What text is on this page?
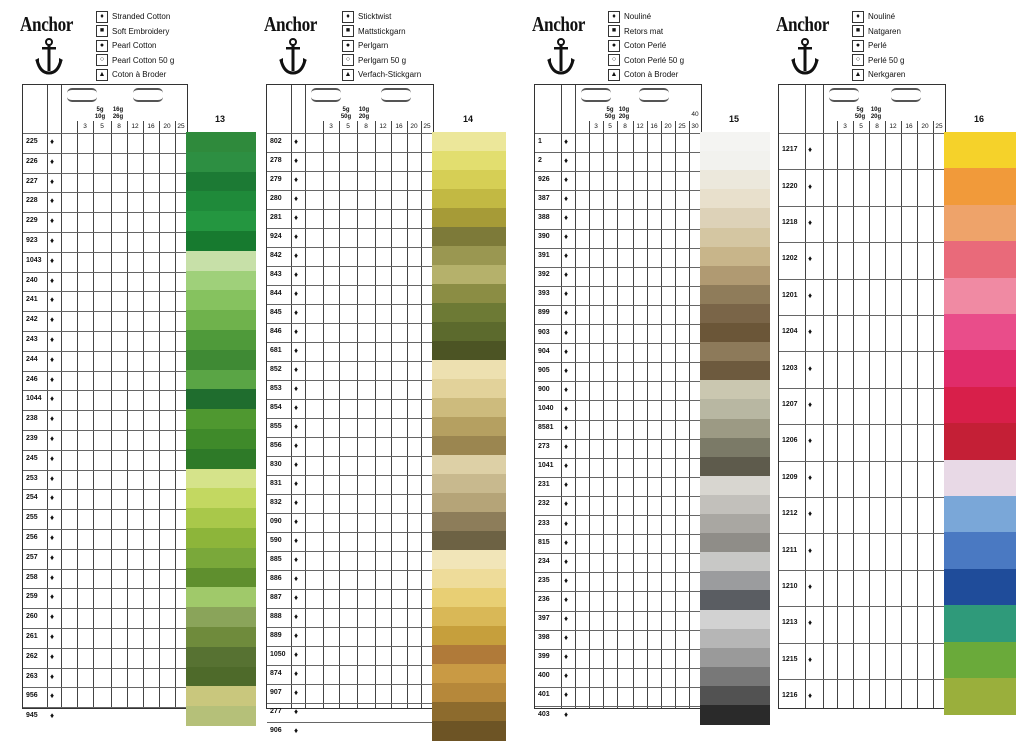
Anchor	♦ Stranded Cotton
■ Soft Embroidery
● Pearl Cotton
○ Pearl Cotton 50 g
▲ Coton à Broder
3	5	8	12	16	20	25
5g
10g
16g
26g
225 ♦
226 ♦
227 ♦
228 ♦
229 ♦
923 ♦
1043 ♦
240 ♦
241 ♦
242 ♦
243 ♦
244 ♦
246 ♦
1044 ♦
238 ♦
239 ♦
245 ♦
253 ♦
254 ♦
255 ♦
256 ♦
257 ♦
258 ♦
259 ♦
260 ♦
261 ♦
262 ♦
263 ♦
956 ♦
945 ♦
13
Anchor	♦ Sticktwist
■ Mattstickgarn
● Perlgarn
○ Perlgarn 50 g
▲ Verfach-Stickgarn
3	5	8	12	16	20 25
5g
50g
10g
20g
802 ♦
278 ♦
279 ♦
280 ♦
281 ♦
924 ♦
842 ♦
843 ♦
844 ♦
845 ♦
846 ♦
681 ♦
852 ♦
853 ♦
854 ♦
855 ♦
856 ♦
830 ♦
831 ♦
832 ♦
090 ♦
590 ♦
885 ♦
886 ♦
887 ♦
888 ♦
889 ♦
1050 ♦
874 ♦
907 ♦
277 ♦
906 ♦
14
Anchor	♦ Nouliné
■ Retors mat
● Coton Perlé
○ Coton Perlé 50 g
▲ Coton à Broder
3	5	8	12	16	20	25 30
5g
50g
10g
20g	40
1	♦
2	♦
926 ♦
387 ♦
388 ♦
390 ♦
391 ♦
392 ♦
393 ♦
899 ♦
903 ♦
904 ♦
905 ♦
900 ♦
1040 ♦
8581 ♦
273 ♦
1041 ♦
231 ♦
232 ♦
233 ♦
815 ♦
234 ♦
235 ♦
236 ♦
397 ♦
398 ♦
399 ♦
400 ♦
401 ♦
403 ♦
15
Anchor	♦ Nouliné
■ Natgaren
● Perlé
○ Perlé 50 g
▲ Nerkgaren
3	5	8	12	16	20	25
5g
50g
10g
20g
1217 ♦
1220 ♦
1218 ♦
1202 ♦
1201 ♦
1204 ♦
1203 ♦
1207 ♦
1206 ♦
1209 ♦
1212 ♦
1211 ♦
1210 ♦
1213 ♦
1215 ♦
1216 ♦
16
